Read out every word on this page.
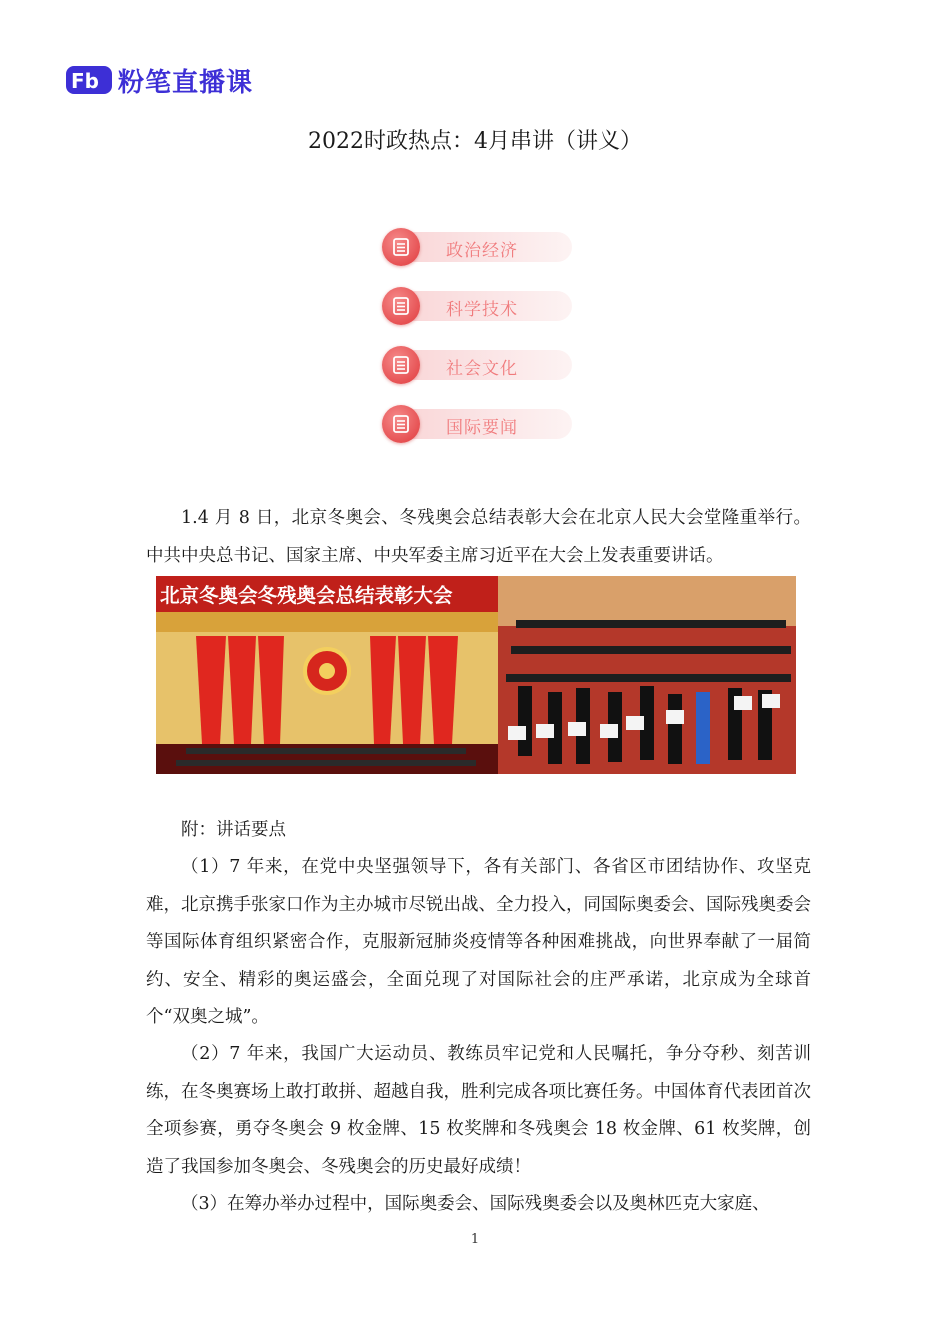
Fb 粉笔直播课
2022时政热点：4月串讲（讲义）
政治经济
科学技术
社会文化
国际要闻
1.4 月 8 日，北京冬奥会、冬残奥会总结表彰大会在北京人民大会堂隆重举行。中共中央总书记、国家主席、中央军委主席习近平在大会上发表重要讲话。
北京冬奥会冬残奥会总结表彰大会
附：讲话要点
（1）7 年来，在党中央坚强领导下，各有关部门、各省区市团结协作、攻坚克难，北京携手张家口作为主办城市尽锐出战、全力投入，同国际奥委会、国际残奥委会等国际体育组织紧密合作，克服新冠肺炎疫情等各种困难挑战，向世界奉献了一届简约、安全、精彩的奥运盛会，全面兑现了对国际社会的庄严承诺，北京成为全球首个“双奥之城”。
（2）7 年来，我国广大运动员、教练员牢记党和人民嘱托，争分夺秒、刻苦训练，在冬奥赛场上敢打敢拼、超越自我，胜利完成各项比赛任务。中国体育代表团首次全项参赛，勇夺冬奥会 9 枚金牌、15 枚奖牌和冬残奥会 18 枚金牌、61 枚奖牌，创造了我国参加冬奥会、冬残奥会的历史最好成绩！
（3）在筹办举办过程中，国际奥委会、国际残奥委会以及奥林匹克大家庭、
1
